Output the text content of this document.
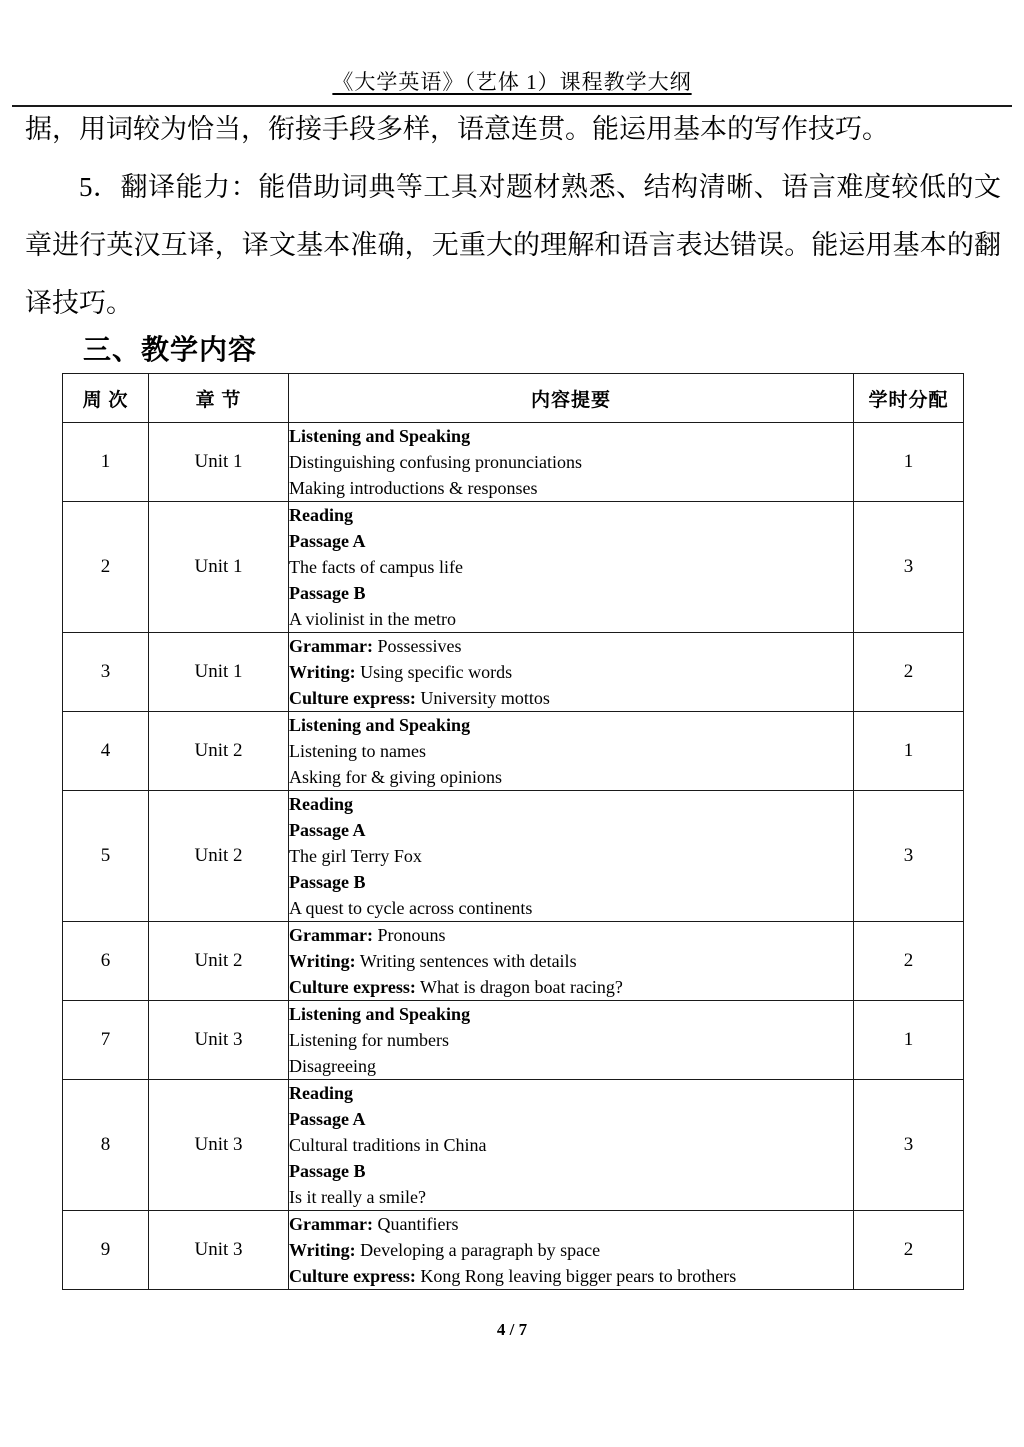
《大学英语》（艺体 1）课程教学大纲

据，用词较为恰当，衔接手段多样，语意连贯。能运用基本的写作技巧。

5．翻译能力：能借助词典等工具对题材熟悉、结构清晰、语言难度较低的文章进行英汉互译，译文基本准确，无重大的理解和语言表达错误。能运用基本的翻译技巧。

三、教学内容
周 次	章 节	内容提要	学时分配
1	Unit 1	Listening and Speaking
Distinguishing confusing pronunciations
Making introductions & responses	1
2	Unit 1	Reading
Passage A
The facts of campus life
Passage B
A violinist in the metro	3
3	Unit 1	Grammar: Possessives
Writing: Using specific words
Culture express: University mottos	2
4	Unit 2	Listening and Speaking
Listening to names
Asking for & giving opinions	1
5	Unit 2	Reading
Passage A
The girl Terry Fox
Passage B
A quest to cycle across continents	3
6	Unit 2	Grammar: Pronouns
Writing: Writing sentences with details
Culture express: What is dragon boat racing?	2
7	Unit 3	Listening and Speaking
Listening for numbers
Disagreeing	1
8	Unit 3	Reading
Passage A
Cultural traditions in China
Passage B
Is it really a smile?	3
9	Unit 3	Grammar: Quantifiers
Writing: Developing a paragraph by space
Culture express: Kong Rong leaving bigger pears to brothers	2
4 / 7
